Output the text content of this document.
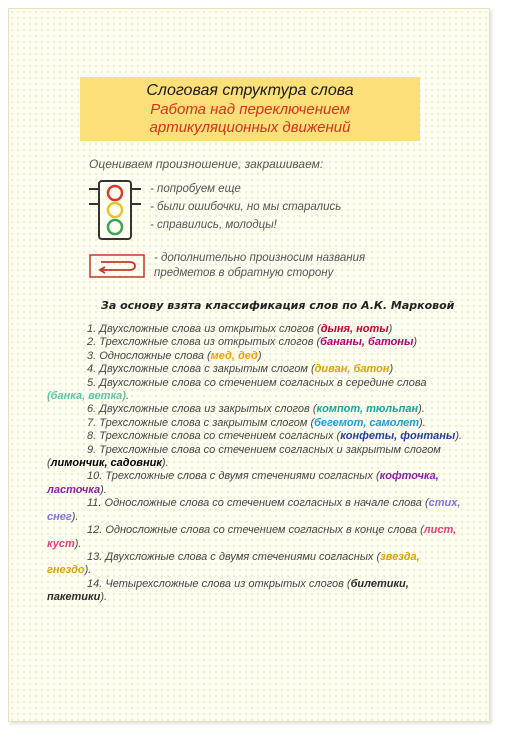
Слоговая структура слова
Работа над переключением
артикуляционных движений
Оцениваем произношение, закрашиваем:
- попробуем еще
- были ошибочки, но мы старались
- справились, молодцы!
- дополнительно произносим названия
предметов в обратную сторону
За основу взята классификация слов по А.К. Марковой

1. Двухсложные слова из открытых слогов (дыня, ноты)

2. Трехсложные слова из открытых слогов (бананы, батоны)

3. Односложные слова (мед, дед)

4. Двухсложные слова с закрытым слогом (диван, батон)

5. Двухсложные слова со стечением согласных в середине слова (банка, ветка).

6. Двухсложные слова из закрытых слогов (компот, тюльпан).

7. Трехсложные слова с закрытым слогом (бегемот, самолет).

8. Трехсложные слова со стечением согласных (конфеты, фонтаны).

9. Трехсложные слова со стечением согласных и закрытым слогом (лимончик, садовник).

10. Трехсложные слова с двумя стечениями согласных (кофточка, ласточка).

11. Односложные слова со стечением согласных в начале слова (стих, снег).

12. Односложные слова со стечением согласных в конце слова (лист, куст).

13. Двухсложные слова с двумя стечениями согласных (звезда, гнездо).

14. Четырехсложные слова из открытых слогов (билетики, пакетики).
